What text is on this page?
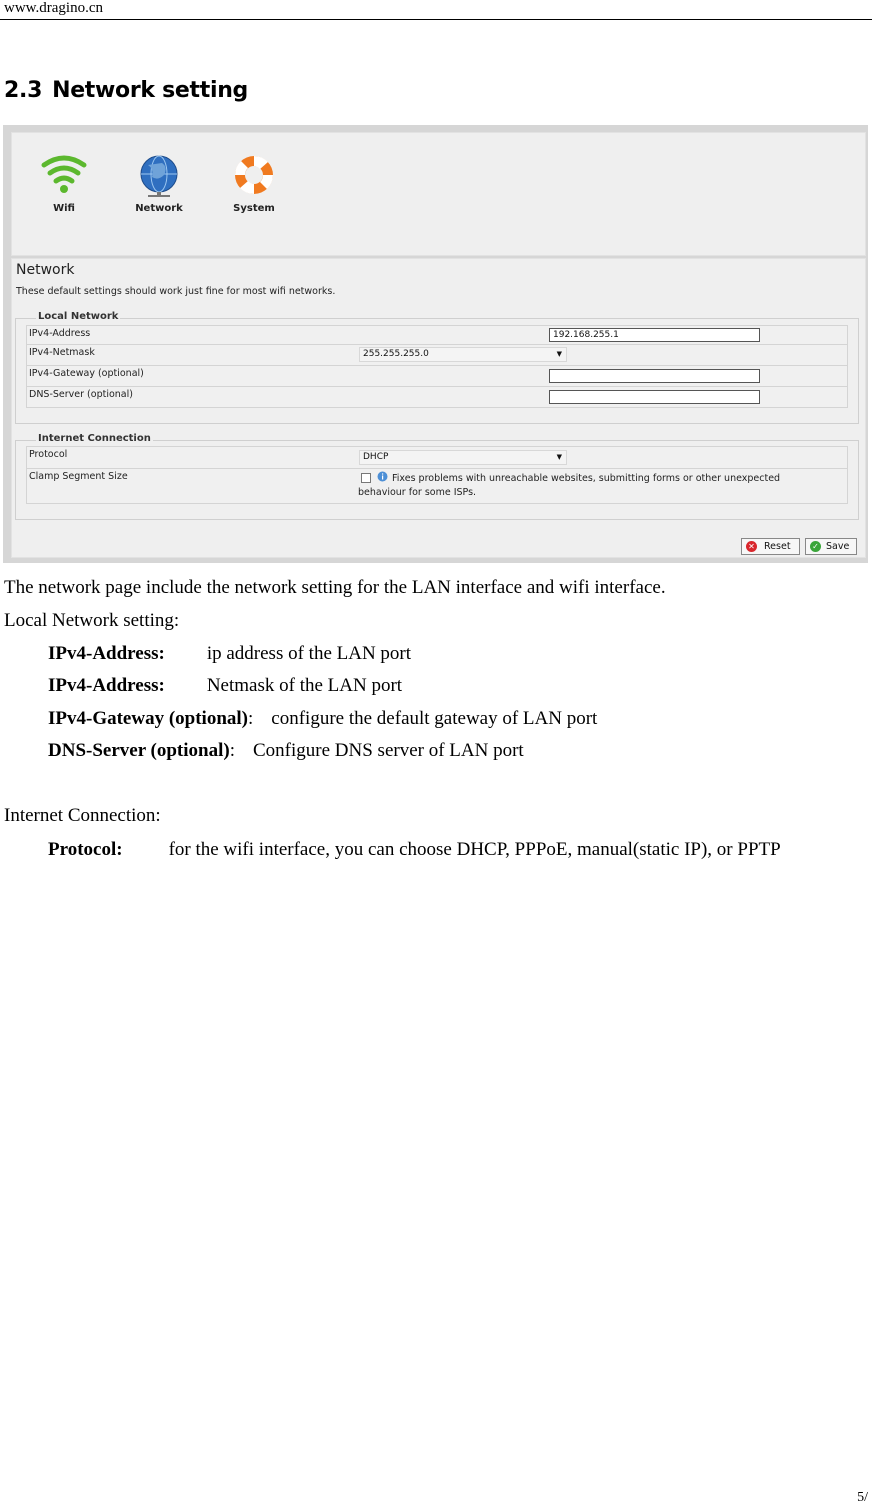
www.dragino.cn
2.3 Network setting
Wifi	Network	System
Network
These default settings should work just fine for most wifi networks.
Local Network
IPv4-Address	192.168.255.1
IPv4-Netmask	255.255.255.0	▼
IPv4-Gateway (optional)
DNS-Server (optional)
Internet Connection
Protocol	DHCP	▼
Clamp Segment Size	Fixes problems with unreachable websites, submitting forms or other unexpected
behaviour for some ISPs.
✕ Reset	✓ Save
The network page include the network setting for the LAN interface and wifi interface.
Local Network setting:
IPv4-Address: ip address of the LAN port
IPv4-Address: Netmask of the LAN port
IPv4-Gateway (optional): configure the default gateway of LAN port
DNS-Server (optional): Configure DNS server of LAN port
Internet Connection:
Protocol: for the wifi interface, you can choose DHCP, PPPoE, manual(static IP), or PPTP
5/
